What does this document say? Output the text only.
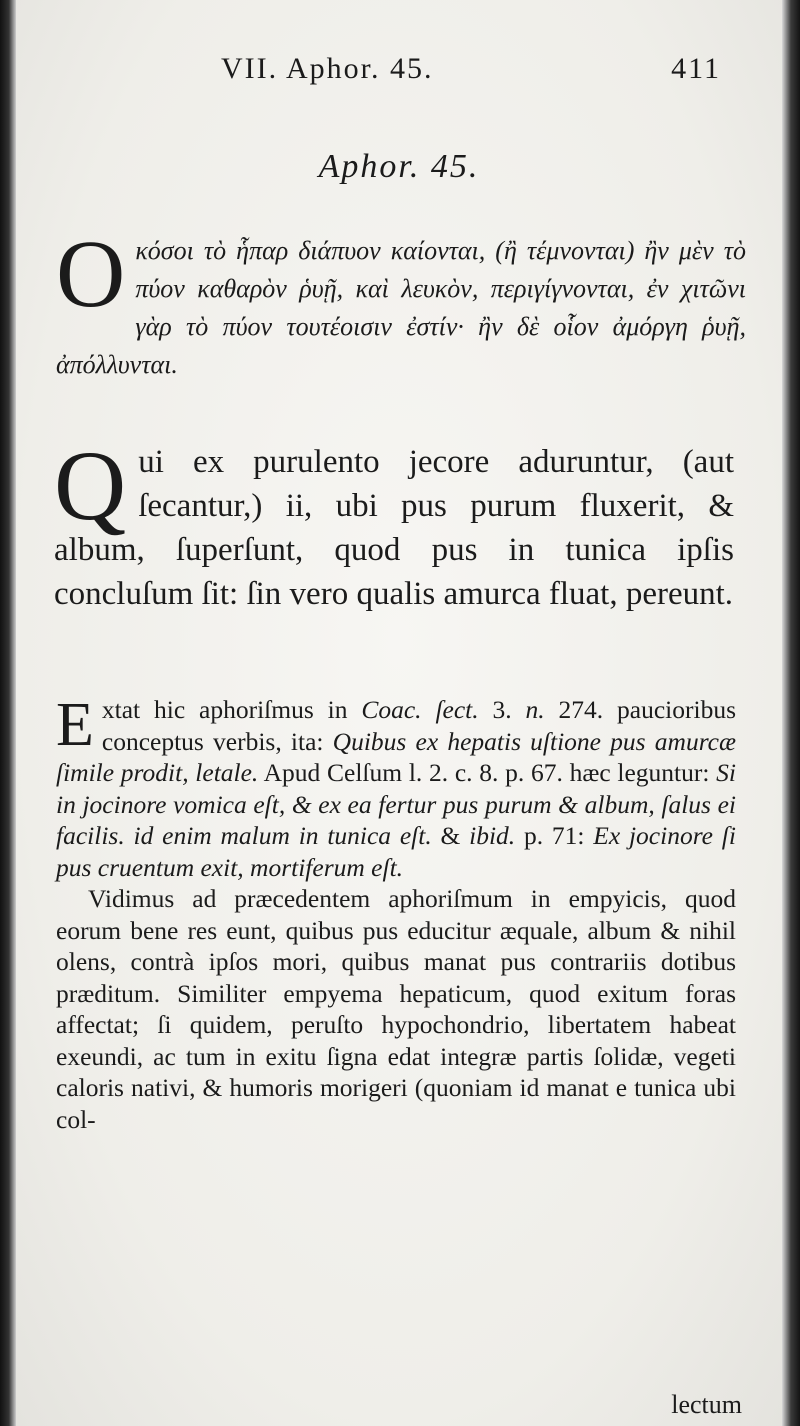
VII. Aphor. 45.	411
Aphor. 45.
Οκόσοι τὸ ἧπαρ διάπυον καίονται, (ἢ τέμνονται) ἢν μὲν τὸ πύον καθαρὸν ῥυῇ, καὶ λευκὸν, περιγίγνονται, ἐν χιτῶνι γὰρ τὸ πύον τουτέοισιν ἐστίν· ἢν δὲ οἷον ἀμόργη ῥυῇ, ἀπόλλυνται.
Qui ex purulento jecore aduruntur, (aut ſecantur,) ii, ubi pus purum fluxerit, & album, ſuperſunt, quod pus in tunica ipſis concluſum ſit: ſin vero qualis amurca fluat, pereunt.

Extat hic aphoriſmus in Coac. ſect. 3. n. 274. paucioribus conceptus verbis, ita: Quibus ex hepatis uſtione pus amurcæ ſimile prodit, letale. Apud Celſum l. 2. c. 8. p. 67. hæc leguntur: Si in jocinore vomica eſt, & ex ea fertur pus purum & album, ſalus ei facilis. id enim malum in tunica eſt. & ibid. p. 71: Ex jocinore ſi pus cruentum exit, mortiferum eſt.

Vidimus ad præcedentem aphoriſmum in empyicis, quod eorum bene res eunt, quibus pus educitur æquale, album & nihil olens, contrà ipſos mori, quibus manat pus contrariis dotibus præditum. Similiter empyema hepaticum, quod exitum foras affectat; ſi quidem, peruſto hypochondrio, libertatem habeat exeundi, ac tum in exitu ſigna edat integræ partis ſolidæ, vegeti caloris nativi, & humoris morigeri (quoniam id manat e tunica ubi col-

lectum
